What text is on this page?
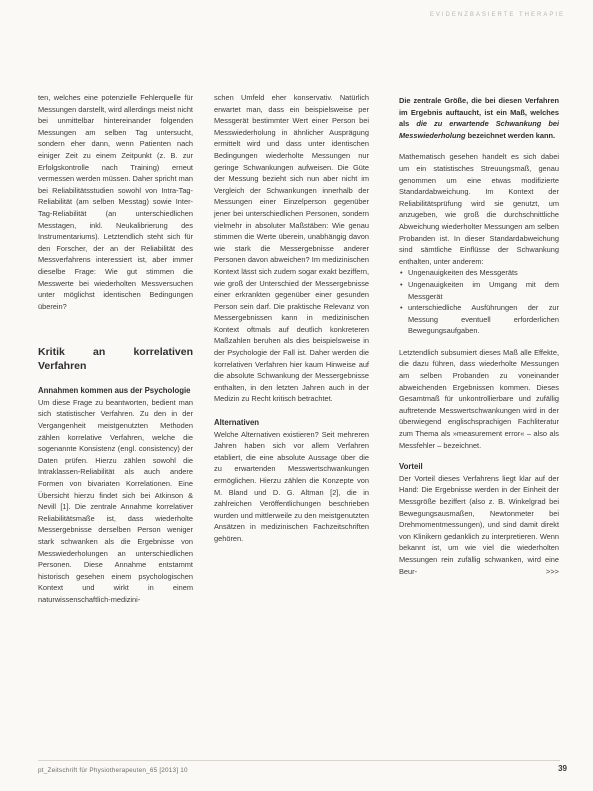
EVIDENZBASIERTE THERAPIE

ten, welches eine potenzielle Fehlerquelle für Messungen darstellt, wird allerdings meist nicht bei unmittelbar hintereinander folgenden Messungen am selben Tag untersucht, sondern eher dann, wenn Patienten nach einiger Zeit zu einem Zeitpunkt (z. B. zur Erfolgskontrolle nach Training) erneut vermessen werden müssen. Daher spricht man bei Reliabilitätsstudien sowohl von Intra-Tag-Reliabilität (am selben Messtag) sowie Inter-Tag-Reliabilität (an unterschiedlichen Messtagen, inkl. Neukalibrierung des Instrumentariums). Letztendlich steht sich für den Forscher, der an der Reliabilität des Messverfahrens interessiert ist, aber immer dieselbe Frage: Wie gut stimmen die Messwerte bei wiederholten Messversuchen unter möglichst identischen Bedingungen überein?

Kritik an korrelativen Verfahren
Annahmen kommen aus der Psychologie

Um diese Frage zu beantworten, bedient man sich statistischer Verfahren. Zu den in der Vergangenheit meistgenutzten Methoden zählen korrelative Verfahren, welche die sogenannte Konsistenz (engl. consistency) der Daten prüfen. Hierzu zählen sowohl die Intraklassen-Reliabilität als auch andere Formen von bivariaten Korrelationen. Eine Übersicht hierzu findet sich bei Atkinson & Nevill [1]. Die zentrale Annahme korrelativer Reliabilitätsmaße ist, dass wiederholte Messergebnisse derselben Person weniger stark schwanken als die Ergebnisse von Messwiederholungen an unterschiedlichen Personen. Diese Annahme entstammt historisch gesehen einem psychologischen Kontext und wirkt in einem naturwissenschaftlich-medizini-

schen Umfeld eher konservativ. Natürlich erwartet man, dass ein beispielsweise per Messgerät bestimmter Wert einer Person bei Messwiederholung in ähnlicher Ausprägung ermittelt wird und dass unter identischen Bedingungen wiederholte Messungen nur geringe Schwankungen aufweisen. Die Güte der Messung bezieht sich nun aber nicht im Vergleich der Schwankungen innerhalb der Messungen einer Einzelperson gegenüber jener bei unterschiedlichen Personen, sondern vielmehr in absoluter Maßstäben: Wie genau stimmen die Werte überein, unabhängig davon wie stark die Messergebnisse anderer Personen davon abweichen? Im medizinischen Kontext lässt sich zudem sogar exakt beziffern, wie groß der Unterschied der Messergebnisse einer erkrankten gegenüber einer gesunden Person sein darf. Die praktische Relevanz von Messergebnissen kann in medizinischen Kontext oftmals auf deutlich konkreteren Maßzahlen beruhen als dies beispielsweise in der Psychologie der Fall ist. Daher werden die korrelativen Verfahren hier kaum Hinweise auf die absolute Schwankung der Messergebnisse enthalten, in den letzten Jahren auch in der Medizin zu Recht kritisch betrachtet.

Alternativen

Welche Alternativen existieren? Seit mehreren Jahren haben sich vor allem Verfahren etabliert, die eine absolute Aussage über die zu erwartenden Messwertschwankungen ermöglichen. Hierzu zählen die Konzepte von M. Bland und D. G. Altman [2], die in zahlreichen Veröffentlichungen beschrieben wurden und mittlerweile zu den meistgenutzten Ansätzen in medizinischen Fachzeitschriften gehören.

Die zentrale Größe, die bei diesen Verfahren im Ergebnis auftaucht, ist ein Maß, welches als die zu erwartende Schwankung bei Messwiederholung bezeichnet werden kann.

Mathematisch gesehen handelt es sich dabei um ein statistisches Streuungsmaß, genau genommen um eine etwas modifizierte Standardabweichung. Im Kontext der Reliabilitätsprüfung wird sie genutzt, um anzugeben, wie groß die durchschnittliche Abweichung wiederholter Messungen am selben Probanden ist. In dieser Standardabweichung sind sämtliche Einflüsse der Schwankung enthalten, unter anderem:

• Ungenauigkeiten des Messgeräts
• Ungenauigkeiten im Umgang mit dem Messgerät
• unterschiedliche Ausführungen der zur Messung eventuell erforderlichen Bewegungsaufgaben.

Letztendlich subsumiert dieses Maß alle Effekte, die dazu führen, dass wiederholte Messungen am selben Probanden zu voneinander abweichenden Ergebnissen kommen. Dieses Gesamtmaß für unkontrollierbare und zufällig auftretende Messwertschwankungen wird in der überwiegend englischsprachigen Fachliteratur zum Thema als »measurement error« – also als Messfehler – bezeichnet.

Vorteil

Der Vorteil dieses Verfahrens liegt klar auf der Hand: Die Ergebnisse werden in der Einheit der Messgröße beziffert (also z. B. Winkelgrad bei Bewegungsausmaßen, Newtonmeter bei Drehmomentmessungen), und sind damit direkt von Klinikern gedanklich zu interpretieren. Wenn bekannt ist, um wie viel die wiederholten Messungen rein zufällig schwanken, wird eine Beur-	>>>

pt_Zeitschrift für Physiotherapeuten_65 [2013] 10	39
